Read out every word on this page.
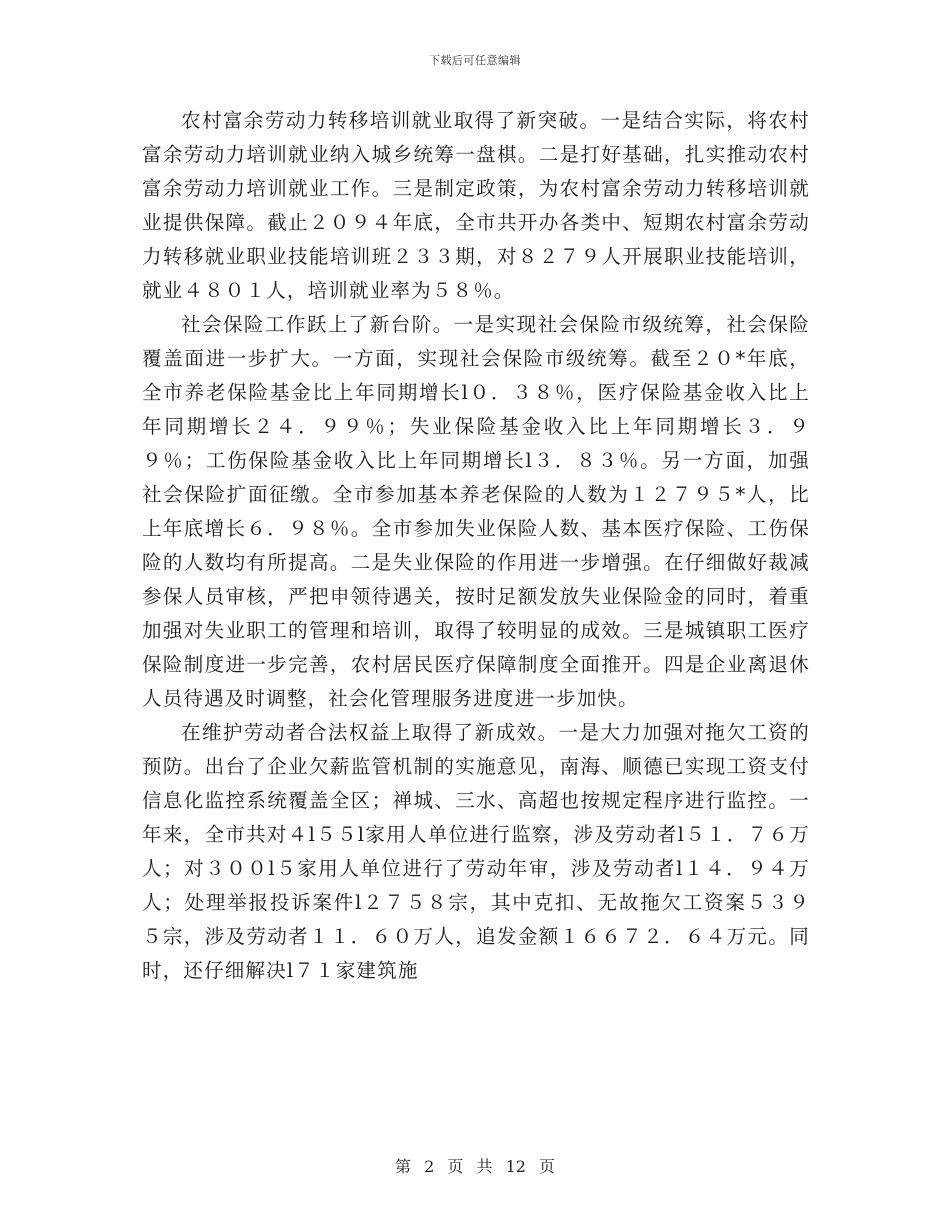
下载后可任意编辑

农村富余劳动力转移培训就业取得了新突破。一是结合实际，将农村富余劳动力培训就业纳入城乡统筹一盘棋。二是打好基础，扎实推动农村富余劳动力培训就业工作。三是制定政策，为农村富余劳动力转移培训就业提供保障。截止２０９４年底，全市共开办各类中、短期农村富余劳动力转移就业职业技能培训班２３３期，对８２７９人开展职业技能培训，就业４８０１人，培训就业率为５８％。

社会保险工作跃上了新台阶。一是实现社会保险市级统筹，社会保险覆盖面进一步扩大。一方面，实现社会保险市级统筹。截至２０*年底，全市养老保险基金比上年同期增长l０．３８％，医疗保险基金收入比上年同期增长２４．９９％；失业保险基金收入比上年同期增长３．９９％；工伤保险基金收入比上年同期增长l３．８３％。另一方面，加强社会保险扩面征缴。全市参加基本养老保险的人数为１２７９５*人，比上年底增长６．９８％。全市参加失业保险人数、基本医疗保险、工伤保险的人数均有所提高。二是失业保险的作用进一步增强。在仔细做好裁减参保人员审核，严把申领待遇关，按时足额发放失业保险金的同时，着重加强对失业职工的管理和培训，取得了较明显的成效。三是城镇职工医疗保险制度进一步完善，农村居民医疗保障制度全面推开。四是企业离退休人员待遇及时调整，社会化管理服务进度进一步加快。

在维护劳动者合法权益上取得了新成效。一是大力加强对拖欠工资的预防。出台了企业欠薪监管机制的实施意见，南海、顺德已实现工资支付信息化监控系统覆盖全区；禅城、三水、高超也按规定程序进行监控。一年来，全市共对４l５５l家用人单位进行监察，涉及劳动者l５１．７６万人；对３００l５家用人单位进行了劳动年审，涉及劳动者l１４．９４万人；处理举报投诉案件l２７５８宗，其中克扣、无故拖欠工资案５３９５宗，涉及劳动者１１．６０万人，追发金额１６６７２．６４万元。同时，还仔细解决l７１家建筑施

第 2 页 共 12 页
